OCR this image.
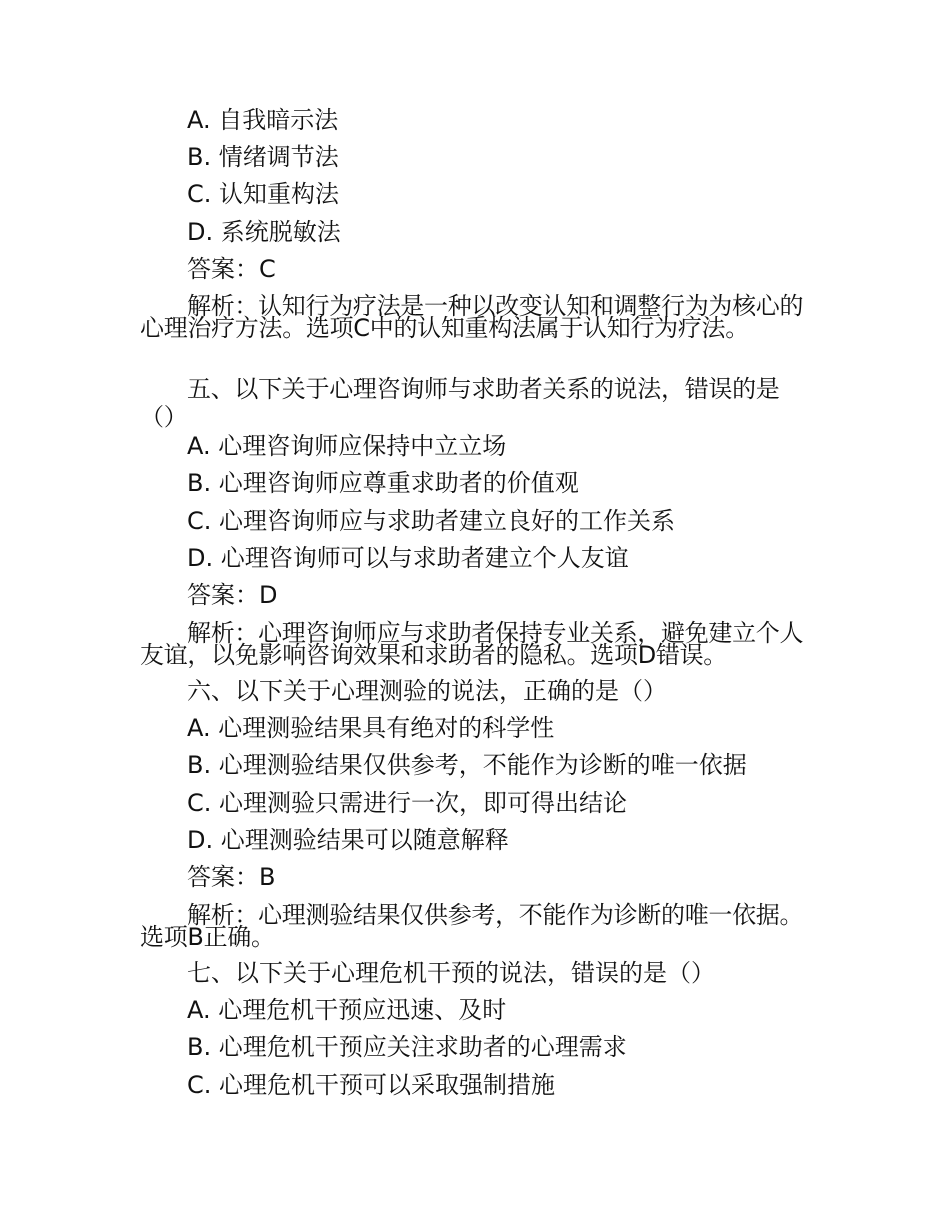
A. 自我暗示法
B. 情绪调节法
C. 认知重构法
D. 系统脱敏法
答案：C
解析：认知行为疗法是一种以改变认知和调整行为为核心的心理治疗方法。选项C中的认知重构法属于认知行为疗法。
五、以下关于心理咨询师与求助者关系的说法，错误的是（）
A. 心理咨询师应保持中立立场
B. 心理咨询师应尊重求助者的价值观
C. 心理咨询师应与求助者建立良好的工作关系
D. 心理咨询师可以与求助者建立个人友谊
答案：D
解析：心理咨询师应与求助者保持专业关系，避免建立个人友谊，以免影响咨询效果和求助者的隐私。选项D错误。
六、以下关于心理测验的说法，正确的是（）
A. 心理测验结果具有绝对的科学性
B. 心理测验结果仅供参考，不能作为诊断的唯一依据
C. 心理测验只需进行一次，即可得出结论
D. 心理测验结果可以随意解释
答案：B
解析：心理测验结果仅供参考，不能作为诊断的唯一依据。选项B正确。
七、以下关于心理危机干预的说法，错误的是（）
A. 心理危机干预应迅速、及时
B. 心理危机干预应关注求助者的心理需求
C. 心理危机干预可以采取强制措施
